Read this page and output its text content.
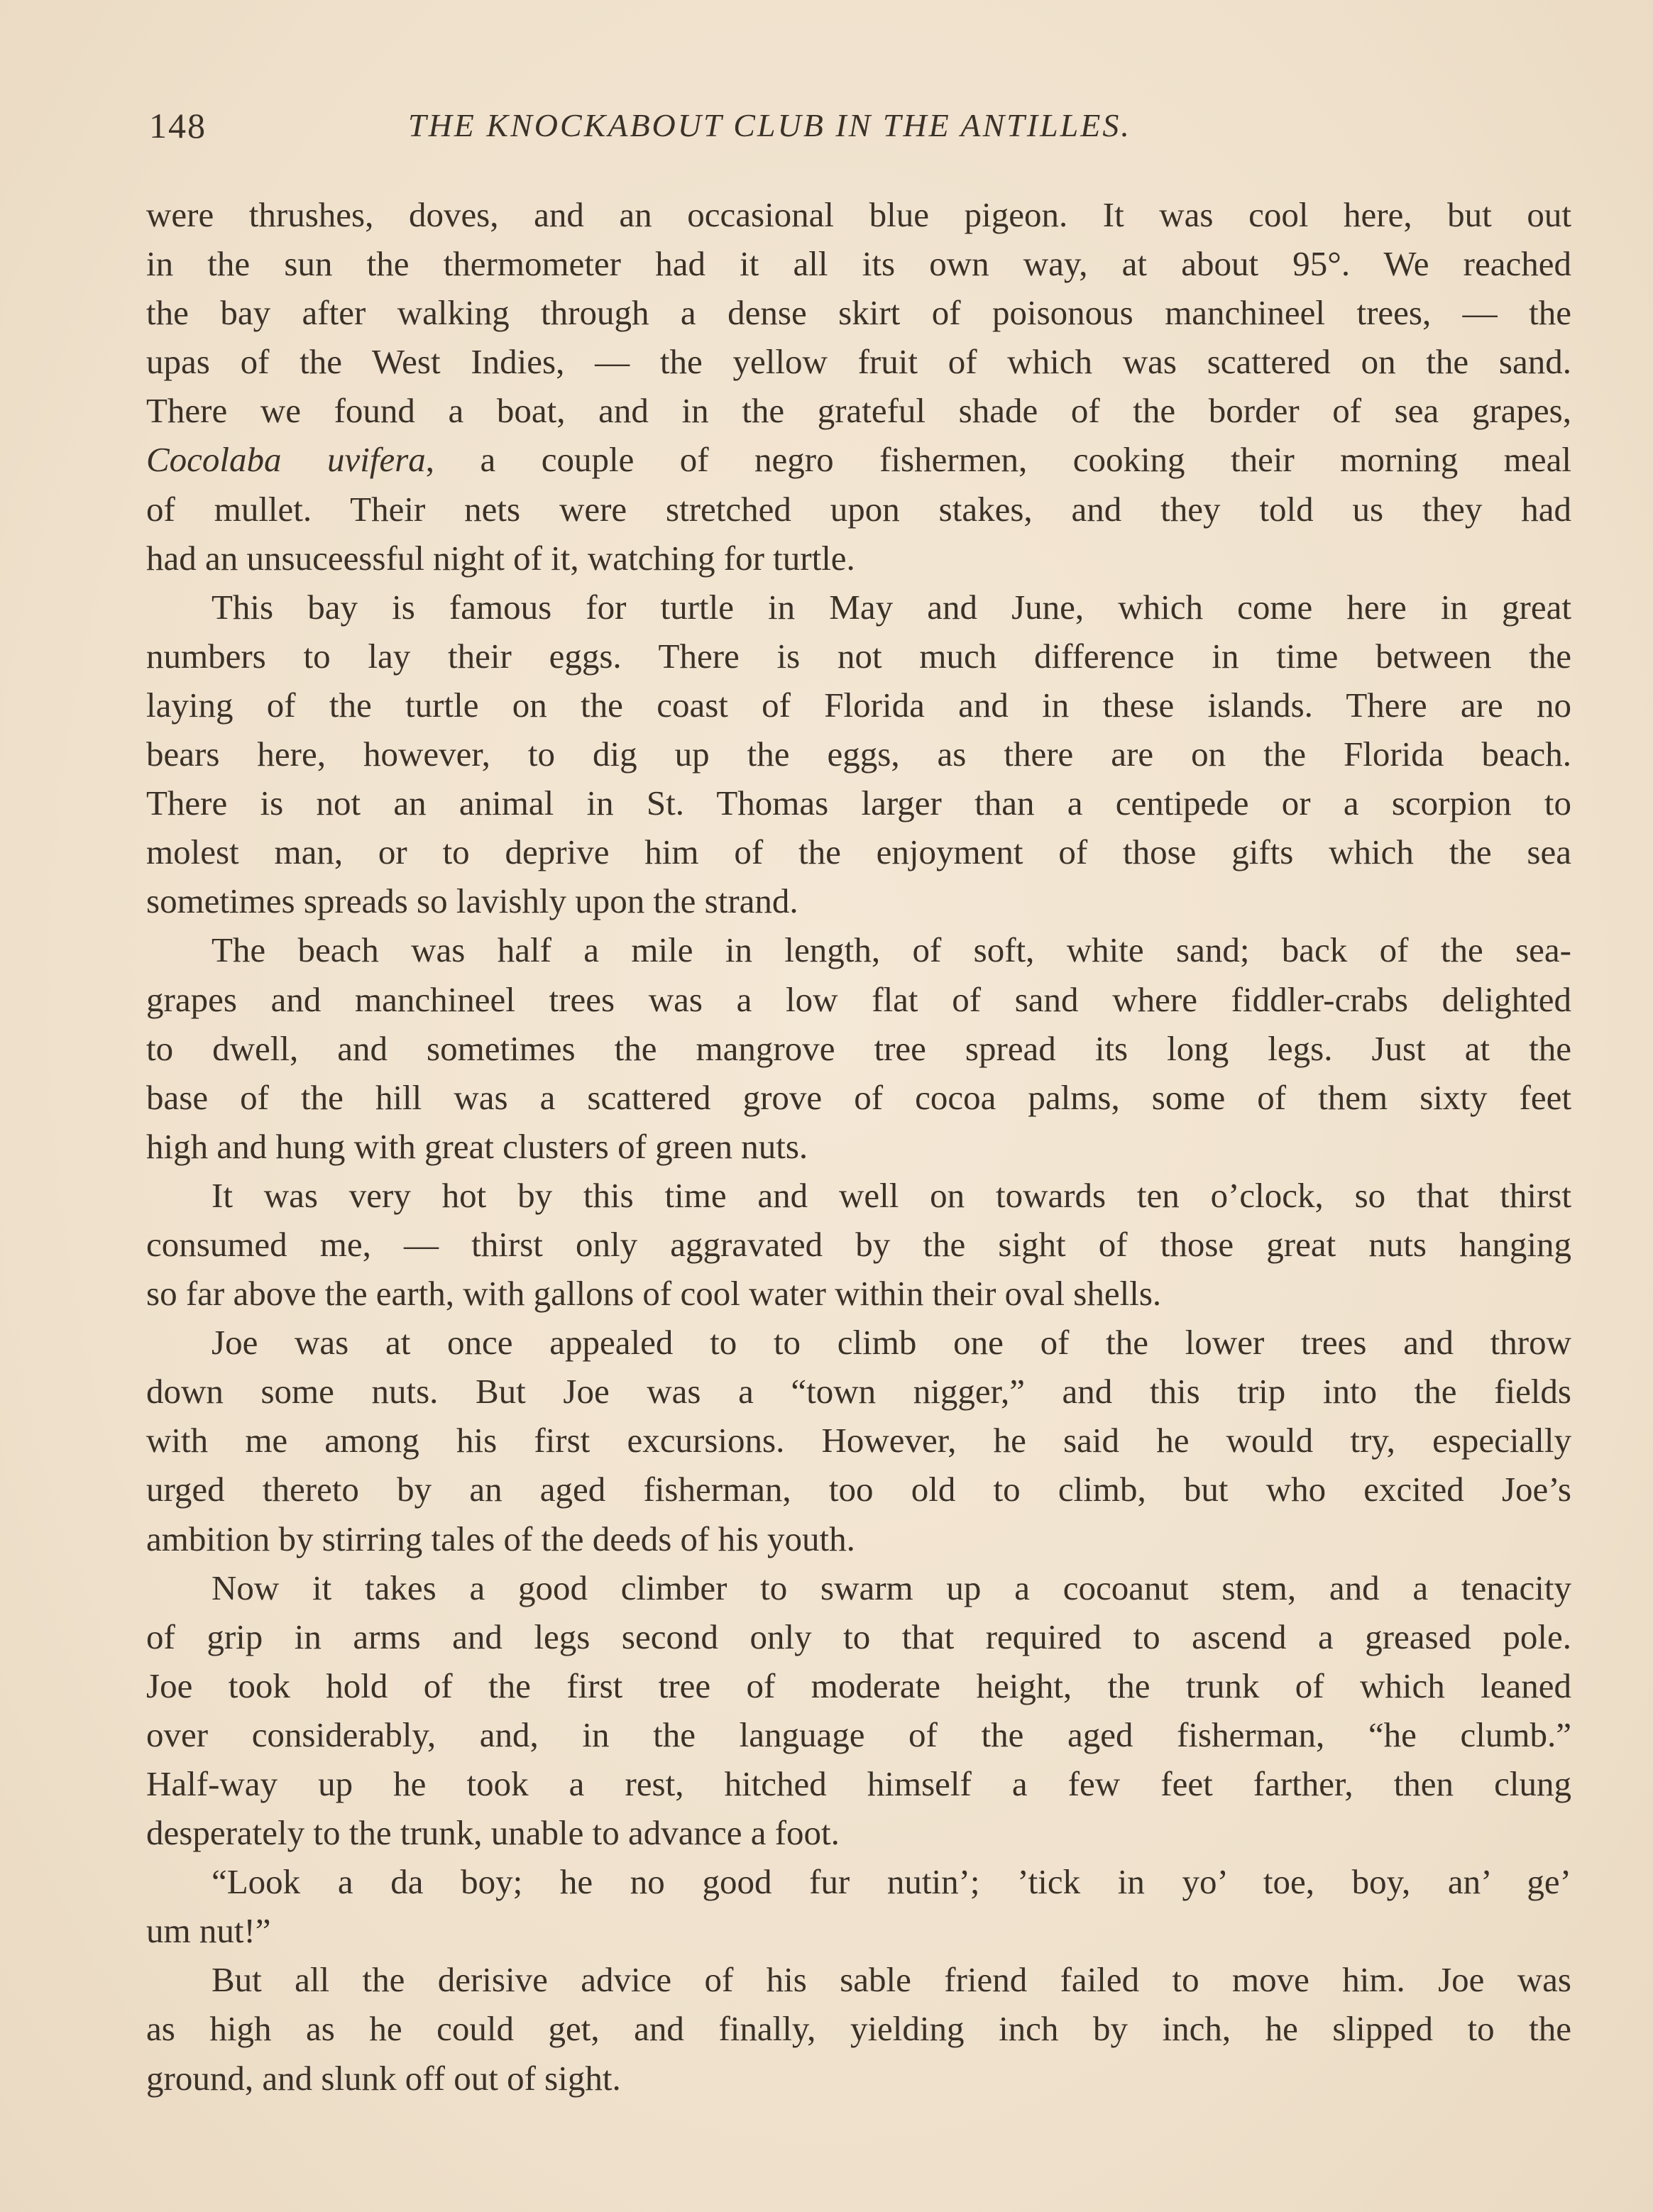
148	THE KNOCKABOUT CLUB IN THE ANTILLES.
were thrushes, doves, and an occasional blue pigeon. It was cool here, but out
in the sun the thermometer had it all its own way, at about 95°. We reached
the bay after walking through a dense skirt of poisonous manchineel trees, — the
upas of the West Indies, — the yellow fruit of which was scattered on the sand.
There we found a boat, and in the grateful shade of the border of sea grapes,
Cocolaba uvifera, a couple of negro fishermen, cooking their morning meal
of mullet. Their nets were stretched upon stakes, and they told us they had
had an unsuceessful night of it, watching for turtle.
This bay is famous for turtle in May and June, which come here in great
numbers to lay their eggs. There is not much difference in time between the
laying of the turtle on the coast of Florida and in these islands. There are no
bears here, however, to dig up the eggs, as there are on the Florida beach.
There is not an animal in St. Thomas larger than a centipede or a scorpion to
molest man, or to deprive him of the enjoyment of those gifts which the sea
sometimes spreads so lavishly upon the strand.
The beach was half a mile in length, of soft, white sand; back of the sea-
grapes and manchineel trees was a low flat of sand where fiddler-crabs delighted
to dwell, and sometimes the mangrove tree spread its long legs. Just at the
base of the hill was a scattered grove of cocoa palms, some of them sixty feet
high and hung with great clusters of green nuts.
It was very hot by this time and well on towards ten o’clock, so that thirst
consumed me, — thirst only aggravated by the sight of those great nuts hanging
so far above the earth, with gallons of cool water within their oval shells.
Joe was at once appealed to to climb one of the lower trees and throw
down some nuts. But Joe was a “town nigger,” and this trip into the fields
with me among his first excursions. However, he said he would try, especially
urged thereto by an aged fisherman, too old to climb, but who excited Joe’s
ambition by stirring tales of the deeds of his youth.
Now it takes a good climber to swarm up a cocoanut stem, and a tenacity
of grip in arms and legs second only to that required to ascend a greased pole.
Joe took hold of the first tree of moderate height, the trunk of which leaned
over considerably, and, in the language of the aged fisherman, “he clumb.”
Half-way up he took a rest, hitched himself a few feet farther, then clung
desperately to the trunk, unable to advance a foot.
“Look a da boy; he no good fur nutin’; ’tick in yo’ toe, boy, an’ ge’
um nut!”
But all the derisive advice of his sable friend failed to move him. Joe was
as high as he could get, and finally, yielding inch by inch, he slipped to the
ground, and slunk off out of sight.
